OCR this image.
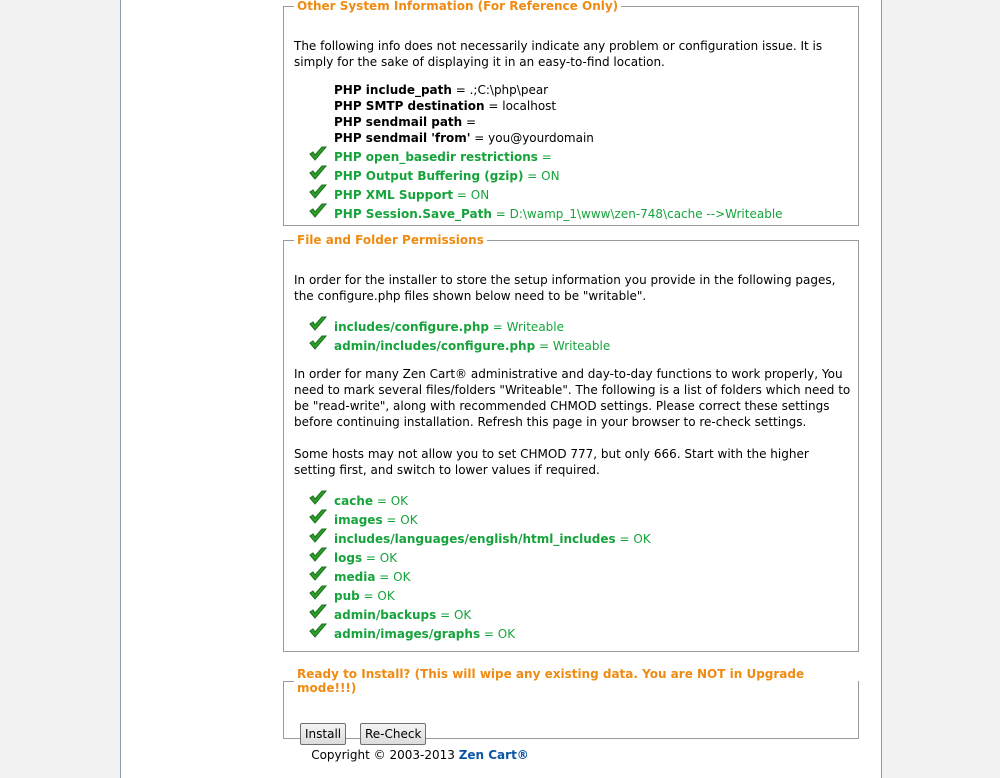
Other System Information (For Reference Only)

The following info does not necessarily indicate any problem or configuration issue. It is simply for the sake of displaying it in an easy-to-find location.

PHP include_path = .;C:\php\pear
PHP SMTP destination = localhost
PHP sendmail path =
PHP sendmail 'from' = you@yourdomain
PHP open_basedir restrictions =
PHP Output Buffering (gzip) = ON
PHP XML Support = ON
PHP Session.Save_Path = D:\wamp_1\www\zen-748\cache -->Writeable
File and Folder Permissions

In order for the installer to store the setup information you provide in the following pages, the configure.php files shown below need to be "writable".

includes/configure.php = Writeable
admin/includes/configure.php = Writeable

In order for many Zen Cart® administrative and day-to-day functions to work properly, You need to mark several files/folders "Writeable". The following is a list of folders which need to be "read-write", along with recommended CHMOD settings. Please correct these settings before continuing installation. Refresh this page in your browser to re-check settings.

Some hosts may not allow you to set CHMOD 777, but only 666. Start with the higher setting first, and switch to lower values if required.

cache = OK
images = OK
includes/languages/english/html_includes = OK
logs = OK
media = OK
pub = OK
admin/backups = OK
admin/images/graphs = OK
Ready to Install? (This will wipe any existing data. You are NOT in Upgrade mode!!!)
Install	Re-Check
Copyright © 2003-2013 Zen Cart®
